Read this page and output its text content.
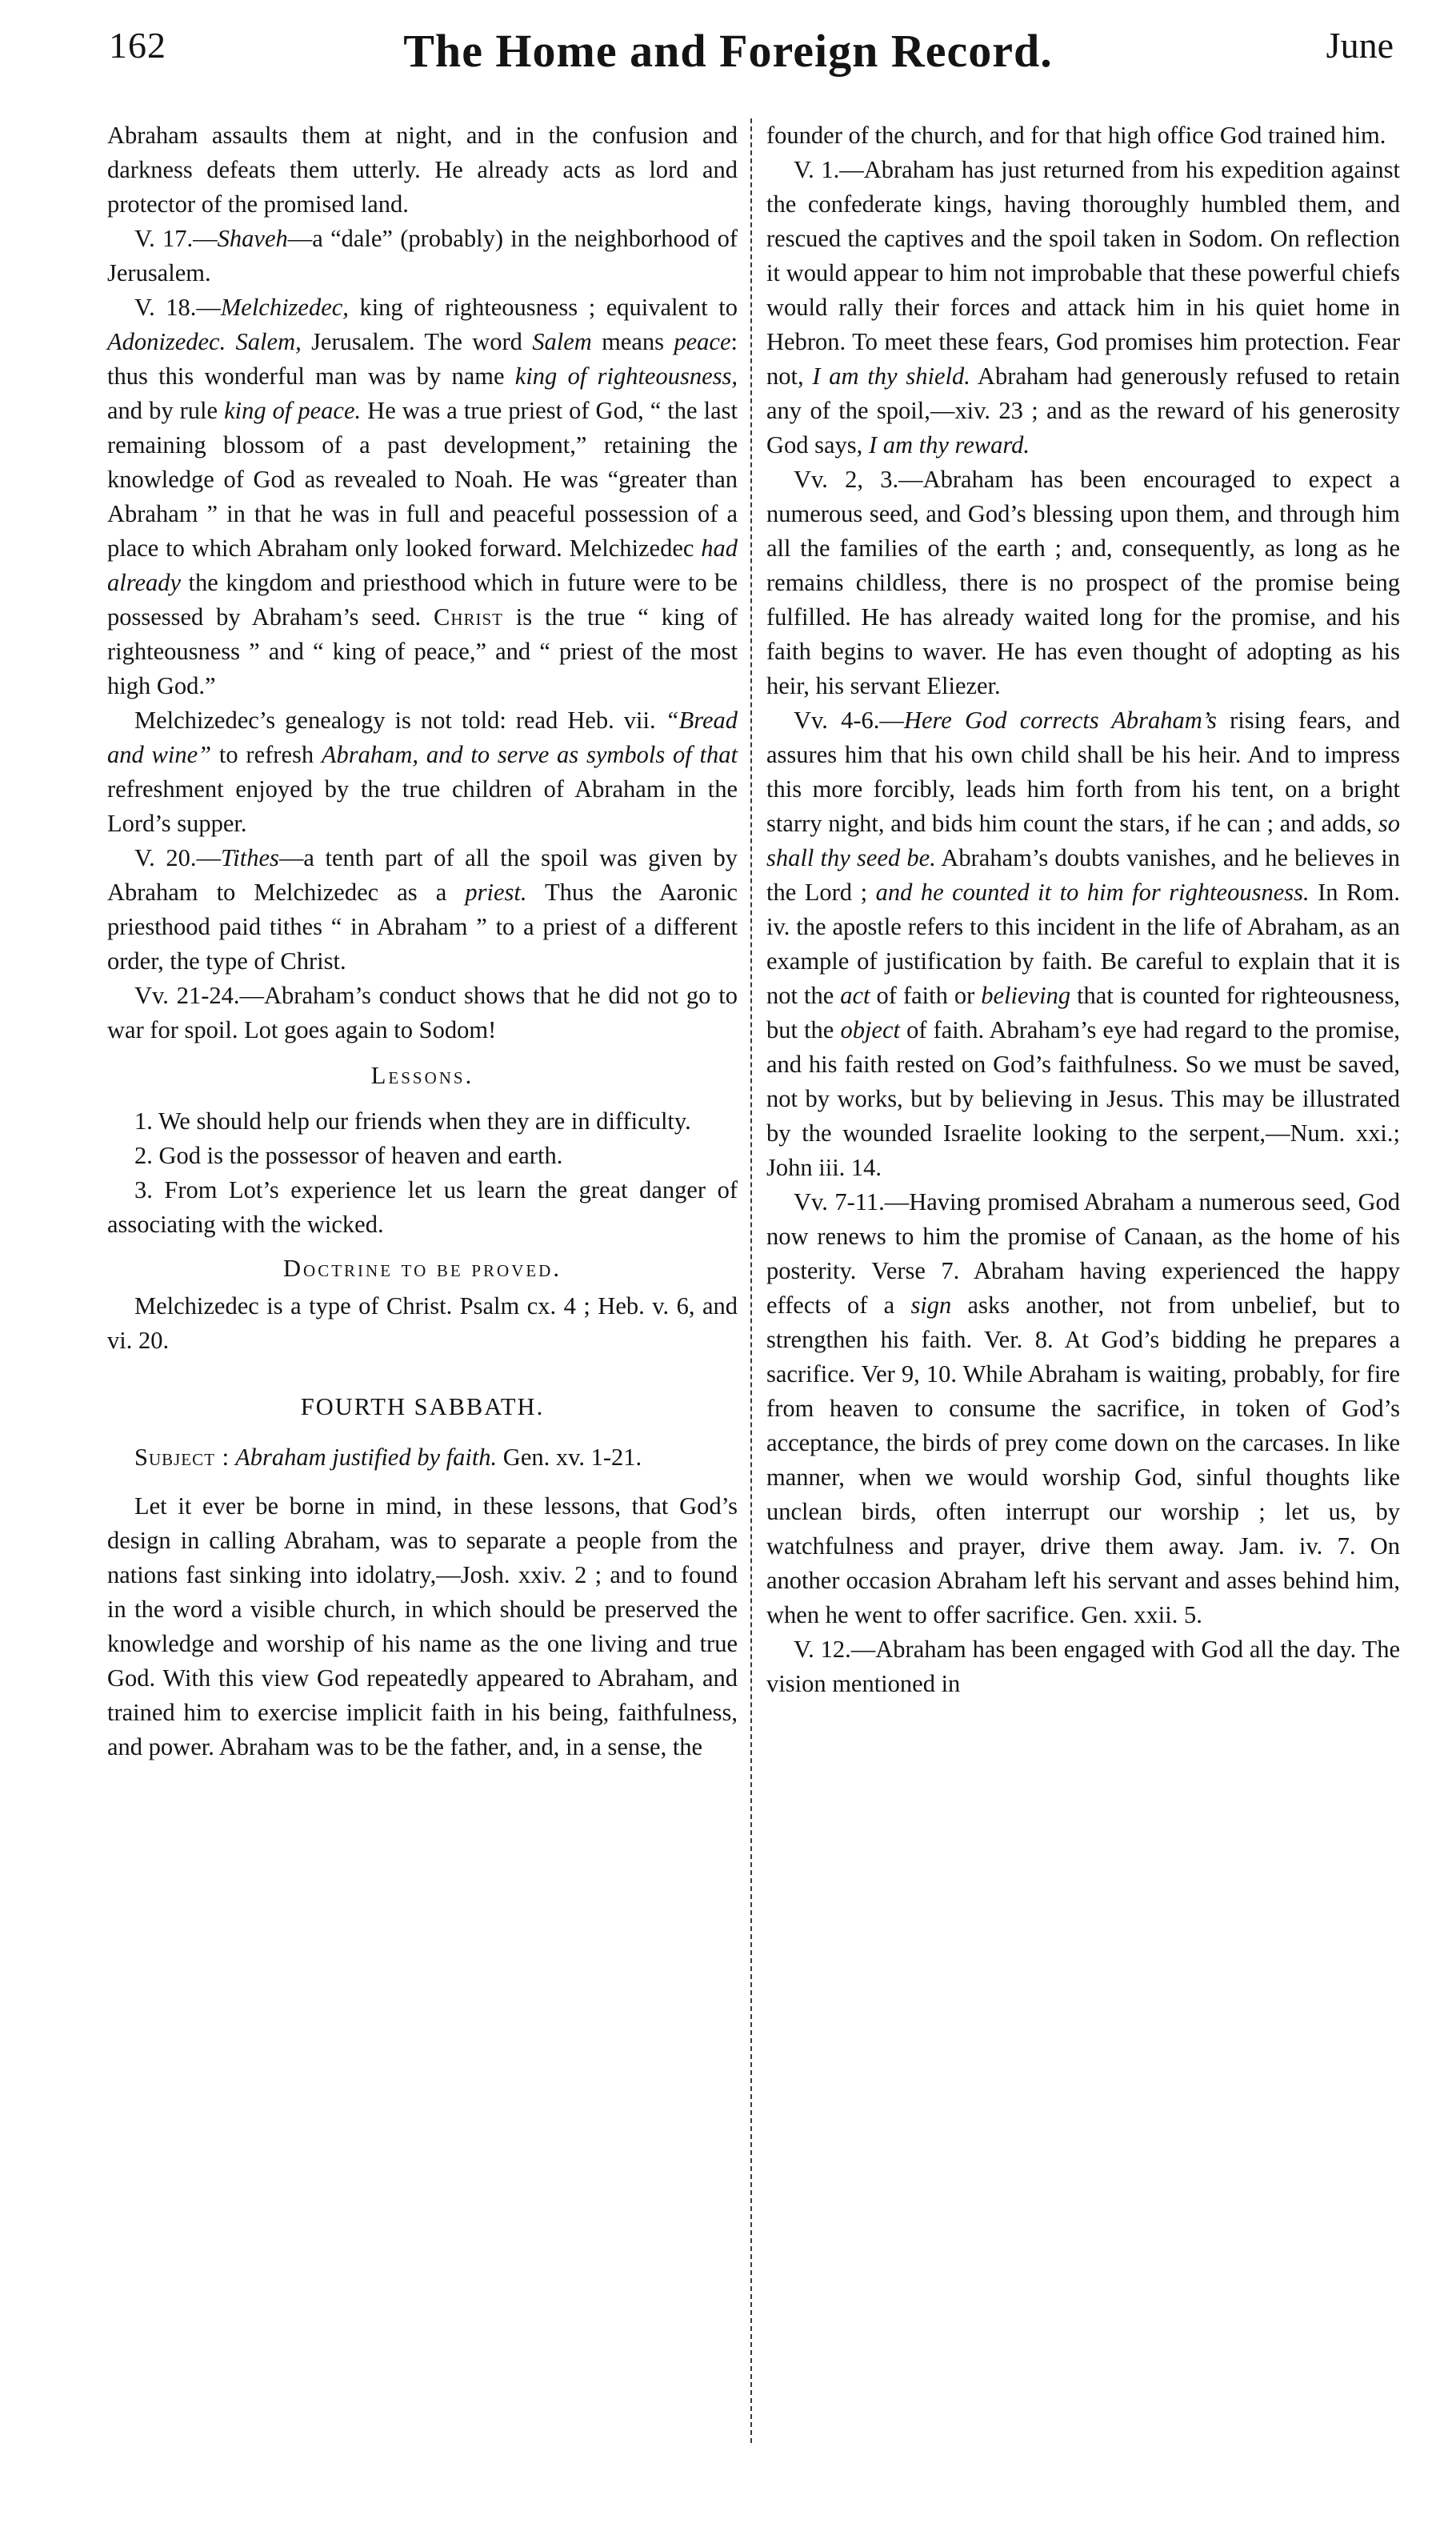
162	The Home and Foreign Record.	June

Abraham assaults them at night, and in the confusion and darkness defeats them utterly. He already acts as lord and protector of the promised land.

V. 17.—Shaveh—a “dale” (probably) in the neighborhood of Jerusalem.

V. 18.—Melchizedec, king of righteousness ; equivalent to Adonizedec. Salem, Jerusalem. The word Salem means peace: thus this wonderful man was by name king of righteousness, and by rule king of peace. He was a true priest of God, “ the last remaining blossom of a past development,” retaining the knowledge of God as revealed to Noah. He was “greater than Abraham ” in that he was in full and peaceful possession of a place to which Abraham only looked forward. Melchizedec had already the kingdom and priesthood which in future were to be possessed by Abraham’s seed. Christ is the true “ king of righteousness ” and “ king of peace,” and “ priest of the most high God.”

Melchizedec’s genealogy is not told: read Heb. vii. “Bread and wine” to refresh Abraham, and to serve as symbols of that refreshment enjoyed by the true children of Abraham in the Lord’s supper.

V. 20.—Tithes—a tenth part of all the spoil was given by Abraham to Melchizedec as a priest. Thus the Aaronic priesthood paid tithes “ in Abraham ” to a priest of a different order, the type of Christ.

Vv. 21-24.—Abraham’s conduct shows that he did not go to war for spoil. Lot goes again to Sodom!

Lessons.

1. We should help our friends when they are in difficulty.

2. God is the possessor of heaven and earth.

3. From Lot’s experience let us learn the great danger of associating with the wicked.

Doctrine to be proved.

Melchizedec is a type of Christ. Psalm cx. 4 ; Heb. v. 6, and vi. 20.

FOURTH SABBATH.

Subject : Abraham justified by faith. Gen. xv. 1-21.

Let it ever be borne in mind, in these lessons, that God’s design in calling Abraham, was to separate a people from the nations fast sinking into idolatry,—Josh. xxiv. 2 ; and to found in the word a visible church, in which should be preserved the knowledge and worship of his name as the one living and true God. With this view God repeatedly appeared to Abraham, and trained him to exercise implicit faith in his being, faithfulness, and power. Abraham was to be the father, and, in a sense, the

founder of the church, and for that high office God trained him.

V. 1.—Abraham has just returned from his expedition against the confederate kings, having thoroughly humbled them, and rescued the captives and the spoil taken in Sodom. On reflection it would appear to him not improbable that these powerful chiefs would rally their forces and attack him in his quiet home in Hebron. To meet these fears, God promises him protection. Fear not, I am thy shield. Abraham had generously refused to retain any of the spoil,—xiv. 23 ; and as the reward of his generosity God says, I am thy reward.

Vv. 2, 3.—Abraham has been encouraged to expect a numerous seed, and God’s blessing upon them, and through him all the families of the earth ; and, consequently, as long as he remains childless, there is no prospect of the promise being fulfilled. He has already waited long for the promise, and his faith begins to waver. He has even thought of adopting as his heir, his servant Eliezer.

Vv. 4-6.—Here God corrects Abraham’s rising fears, and assures him that his own child shall be his heir. And to impress this more forcibly, leads him forth from his tent, on a bright starry night, and bids him count the stars, if he can ; and adds, so shall thy seed be. Abraham’s doubts vanishes, and he believes in the Lord ; and he counted it to him for righteousness. In Rom. iv. the apostle refers to this incident in the life of Abraham, as an example of justification by faith. Be careful to explain that it is not the act of faith or believing that is counted for righteousness, but the object of faith. Abraham’s eye had regard to the promise, and his faith rested on God’s faithfulness. So we must be saved, not by works, but by believing in Jesus. This may be illustrated by the wounded Israelite looking to the serpent,—Num. xxi.; John iii. 14.

Vv. 7-11.—Having promised Abraham a numerous seed, God now renews to him the promise of Canaan, as the home of his posterity. Verse 7. Abraham having experienced the happy effects of a sign asks another, not from unbelief, but to strengthen his faith. Ver. 8. At God’s bidding he prepares a sacrifice. Ver 9, 10. While Abraham is waiting, probably, for fire from heaven to consume the sacrifice, in token of God’s acceptance, the birds of prey come down on the carcases. In like manner, when we would worship God, sinful thoughts like unclean birds, often interrupt our worship ; let us, by watchfulness and prayer, drive them away. Jam. iv. 7. On another occasion Abraham left his servant and asses behind him, when he went to offer sacrifice. Gen. xxii. 5.

V. 12.—Abraham has been engaged with God all the day. The vision mentioned in
